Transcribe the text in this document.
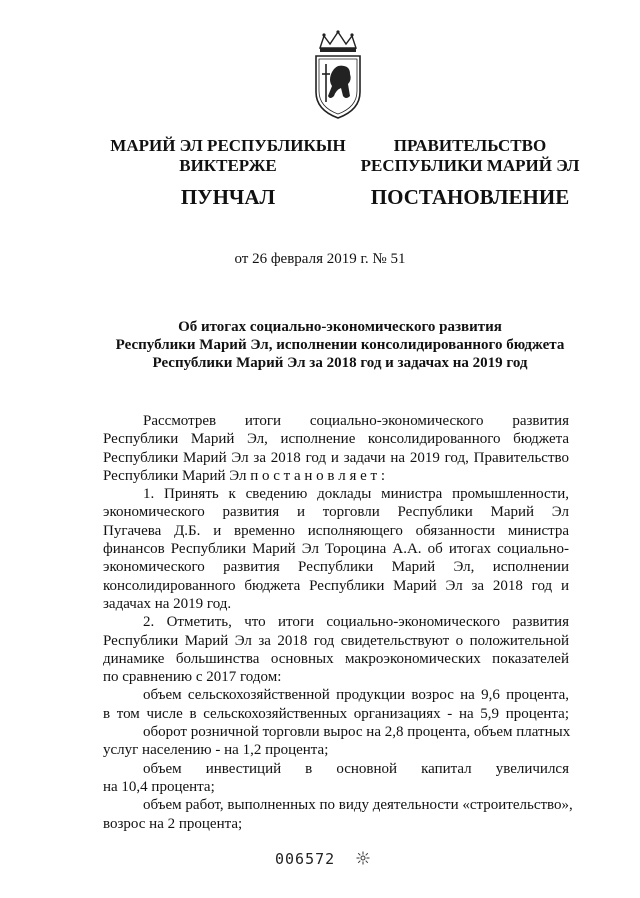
МАРИЙ ЭЛ РЕСПУБЛИКЫН
ВИКТЕРЖЕ
ПУНЧАЛ
ПРАВИТЕЛЬСТВО
РЕСПУБЛИКИ МАРИЙ ЭЛ
ПОСТАНОВЛЕНИЕ
от 26 февраля 2019 г. № 51
Об итогах социально-экономического развития
Республики Марий Эл, исполнении консолидированного бюджета
Республики Марий Эл за 2018 год и задачах на 2019 год
Рассмотрев итоги социально-экономического развития
Республики Марий Эл, исполнение консолидированного бюджета
Республики Марий Эл за 2018 год и задачи на 2019 год, Правительство
Республики Марий Эл п о с т а н о в л я е т :
1. Принять к сведению доклады министра промышленности,
экономического развития и торговли Республики Марий Эл
Пугачева Д.Б. и временно исполняющего обязанности министра
финансов Республики Марий Эл Тороцина А.А. об итогах социально-
экономического развития Республики Марий Эл, исполнении
консолидированного бюджета Республики Марий Эл за 2018 год и
задачах на 2019 год.
2. Отметить, что итоги социально-экономического развития
Республики Марий Эл за 2018 год свидетельствуют о положительной
динамике большинства основных макроэкономических показателей
по сравнению с 2017 годом:
объем сельскохозяйственной продукции возрос на 9,6 процента,
в том числе в сельскохозяйственных организациях - на 5,9 процента;
оборот розничной торговли вырос на 2,8 процента, объем платных
услуг населению - на 1,2 процента;
объем инвестиций в основной капитал увеличился
на 10,4 процента;
объем работ, выполненных по виду деятельности «строительство»,
возрос на 2 процента;
006572
